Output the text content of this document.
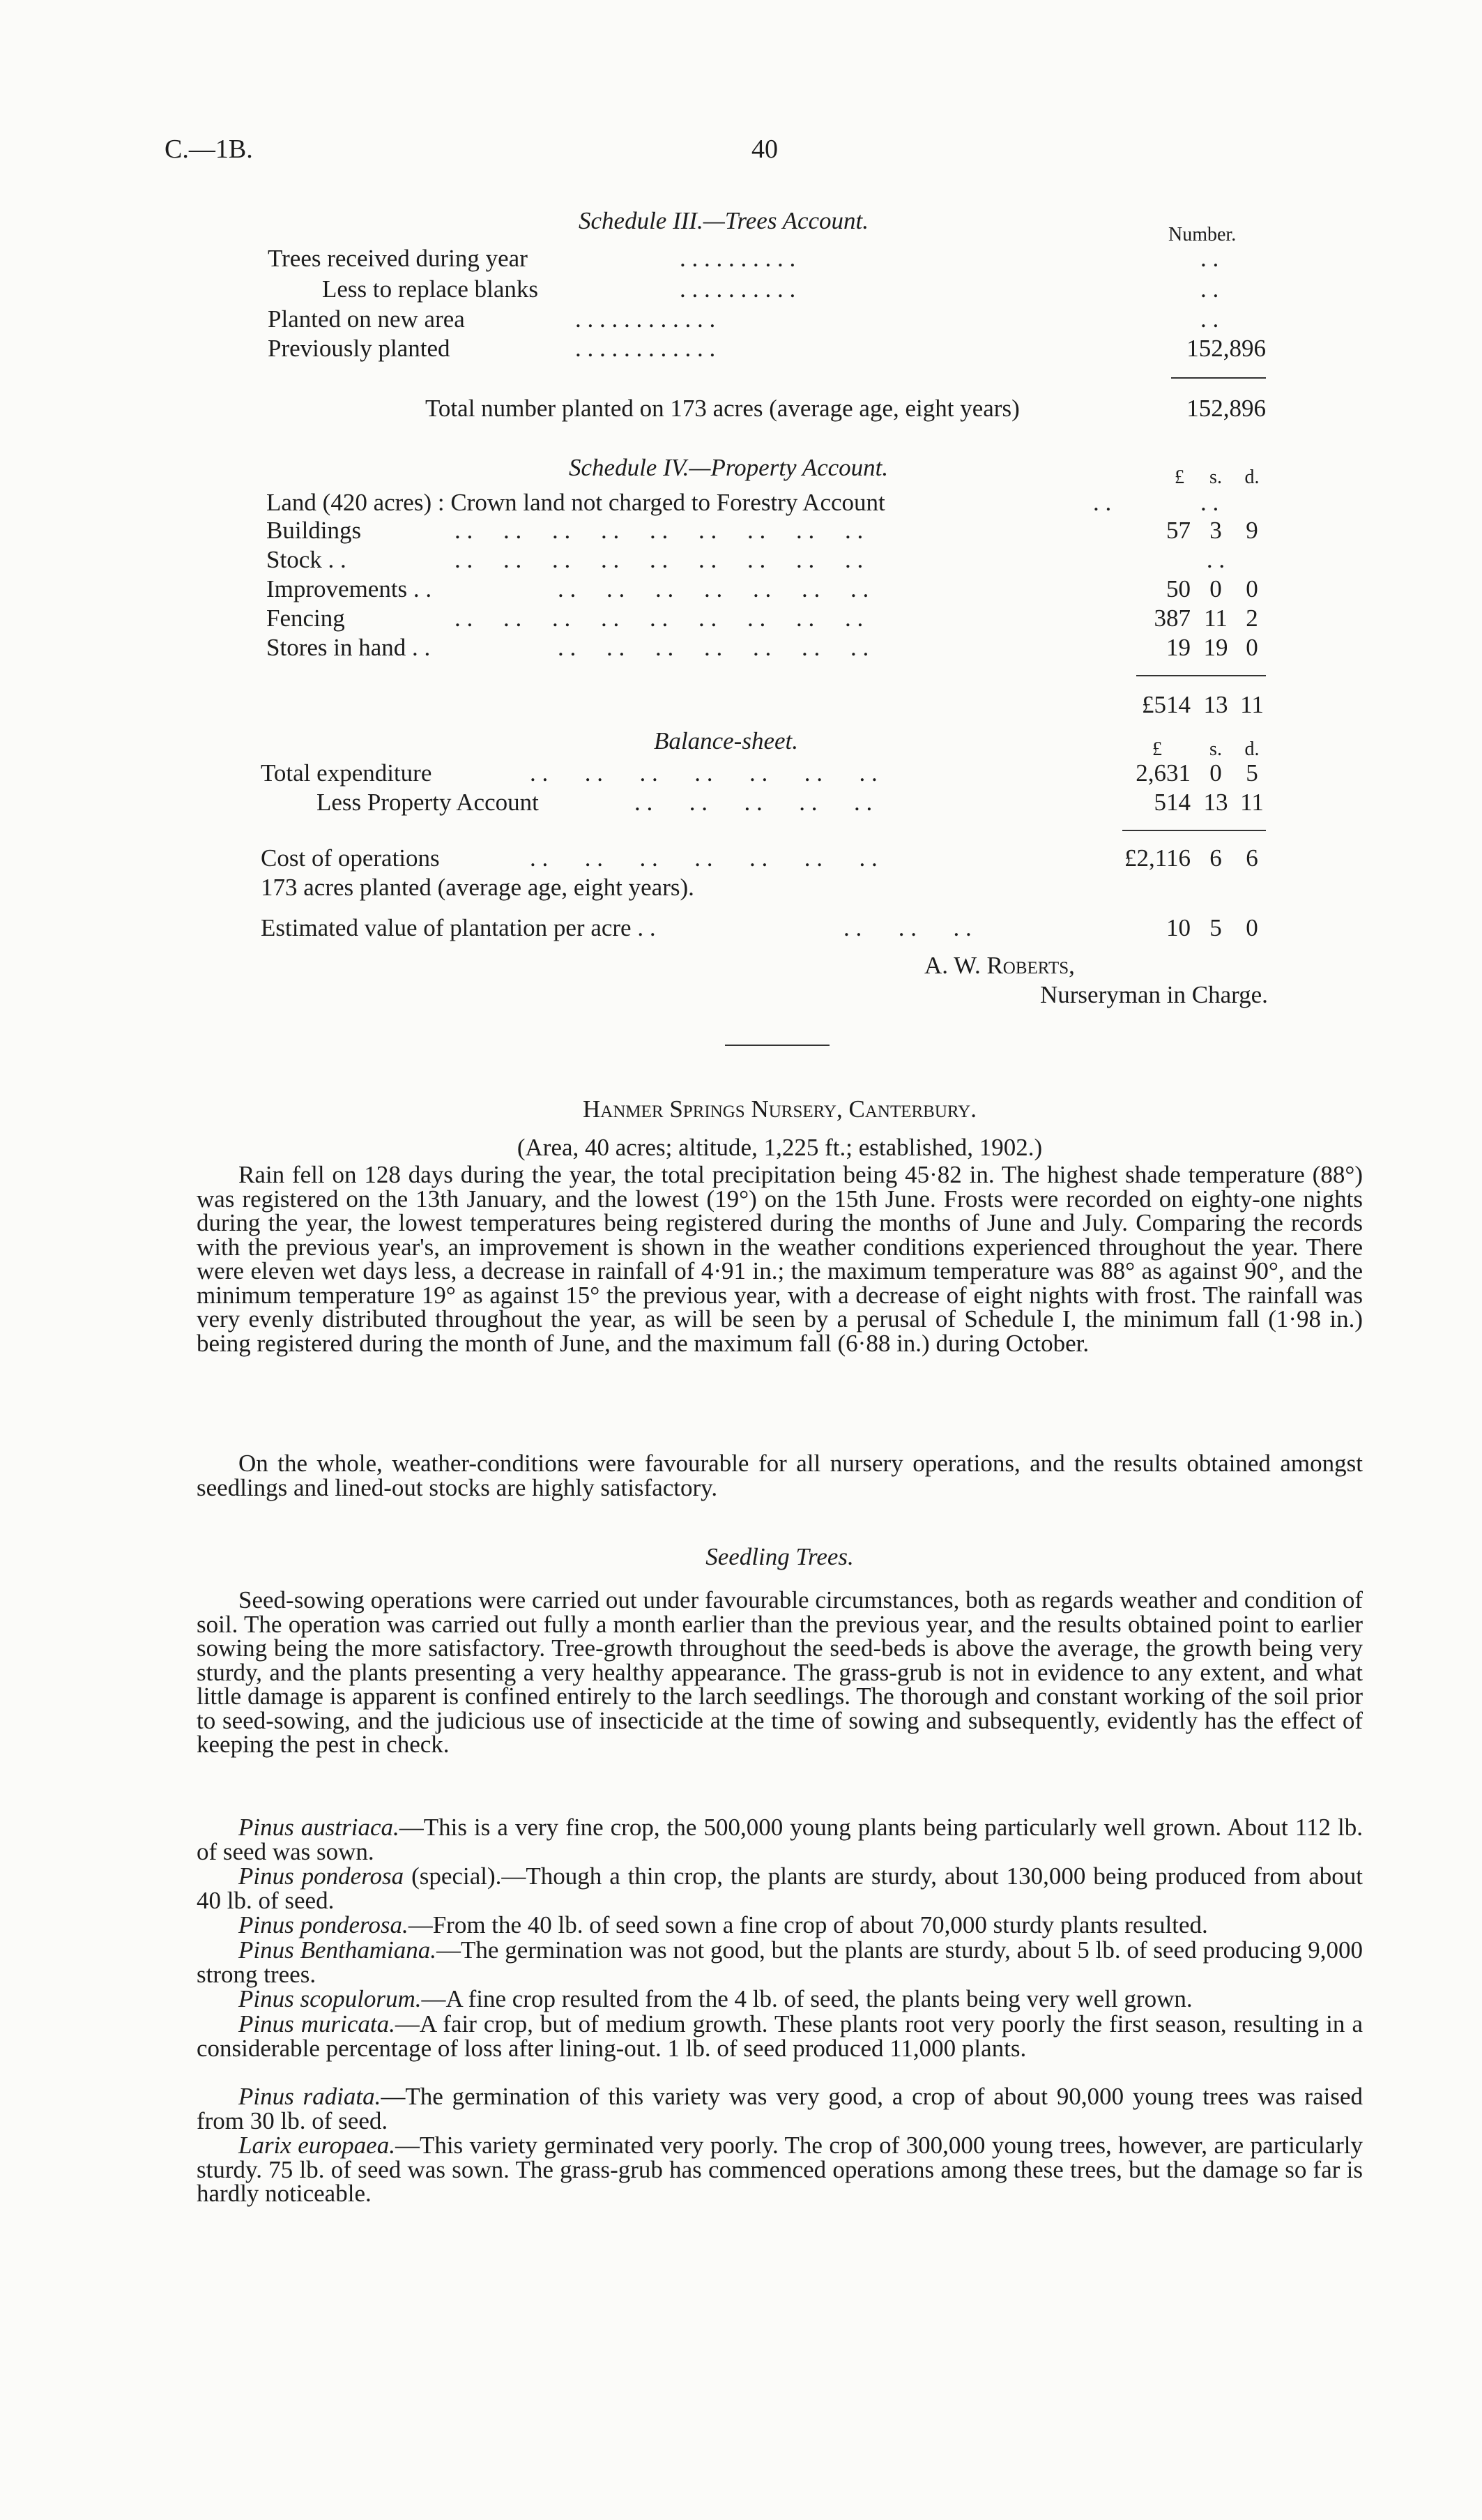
C.—1B.	40
Schedule III.—Trees Account.
Number.
Trees received during year	. . . . . . . . . .	. .
Less to replace blanks	. . . . . . . . . .	. .
Planted on new area	. . . . . . . . . . . .	. .
Previously planted	. . . . . . . . . . . .	152,896
Total number planted on 173 acres (average age, eight years)	152,896
Schedule IV.—Property Account.	£	s.	d.
Land (420 acres) : Crown land not charged to Forestry Account	. .	. .
Buildings	. .     . .     . .     . .     . .     . .     . .     . .     . .	57 3 9
Stock . .	. .     . .     . .     . .     . .     . .     . .     . .     . .	. .
Improvements . .	. .     . .     . .     . .     . .     . .     . .	50 0 0
Fencing	. .     . .     . .     . .     . .     . .     . .     . .     . .	387 11 2
Stores in hand . .	. .     . .     . .     . .     . .     . .     . .	19 19 0
£514 13 11
Balance-sheet.	£	s.	d.
Total expenditure	. .      . .      . .      . .      . .      . .      . .	2,631 0 5
Less Property Account	. .      . .      . .      . .      . .	514 13 11
Cost of operations	. .      . .      . .      . .      . .      . .      . .	£2,116 6 6
173 acres planted (average age, eight years).
Estimated value of plantation per acre . .	. .      . .      . .	10 5 0
A. W. Roberts,
Nurseryman in Charge.
Hanmer Springs Nursery, Canterbury.
(Area, 40 acres; altitude, 1,225 ft.; established, 1902.)

Rain fell on 128 days during the year, the total precipitation being 45·82 in. The highest shade temperature (88°) was registered on the 13th January, and the lowest (19°) on the 15th June. Frosts were recorded on eighty-one nights during the year, the lowest temperatures being registered during the months of June and July. Comparing the records with the previous year's, an improvement is shown in the weather conditions experienced throughout the year. There were eleven wet days less, a decrease in rainfall of 4·91 in.; the maximum temperature was 88° as against 90°, and the minimum temperature 19° as against 15° the previous year, with a decrease of eight nights with frost. The rainfall was very evenly distributed throughout the year, as will be seen by a perusal of Schedule I, the minimum fall (1·98 in.) being registered during the month of June, and the maximum fall (6·88 in.) during October.

On the whole, weather-conditions were favourable for all nursery operations, and the results obtained amongst seedlings and lined-out stocks are highly satisfactory.

Seedling Trees.

Seed-sowing operations were carried out under favourable circumstances, both as regards weather and condition of soil. The operation was carried out fully a month earlier than the previous year, and the results obtained point to earlier sowing being the more satisfactory. Tree-growth throughout the seed-beds is above the average, the growth being very sturdy, and the plants presenting a very healthy appearance. The grass-grub is not in evidence to any extent, and what little damage is apparent is confined entirely to the larch seedlings. The thorough and constant working of the soil prior to seed-sowing, and the judicious use of insecticide at the time of sowing and subsequently, evidently has the effect of keeping the pest in check.

Pinus austriaca.—This is a very fine crop, the 500,000 young plants being particularly well grown. About 112 lb. of seed was sown.

Pinus ponderosa (special).—Though a thin crop, the plants are sturdy, about 130,000 being produced from about 40 lb. of seed.

Pinus ponderosa.—From the 40 lb. of seed sown a fine crop of about 70,000 sturdy plants resulted.

Pinus Benthamiana.—The germination was not good, but the plants are sturdy, about 5 lb. of seed producing 9,000 strong trees.

Pinus scopulorum.—A fine crop resulted from the 4 lb. of seed, the plants being very well grown.

Pinus muricata.—A fair crop, but of medium growth. These plants root very poorly the first season, resulting in a considerable percentage of loss after lining-out. 1 lb. of seed produced 11,000 plants.

Pinus radiata.—The germination of this variety was very good, a crop of about 90,000 young trees was raised from 30 lb. of seed.

Larix europaea.—This variety germinated very poorly. The crop of 300,000 young trees, however, are particularly sturdy. 75 lb. of seed was sown. The grass-grub has commenced operations among these trees, but the damage so far is hardly noticeable.
